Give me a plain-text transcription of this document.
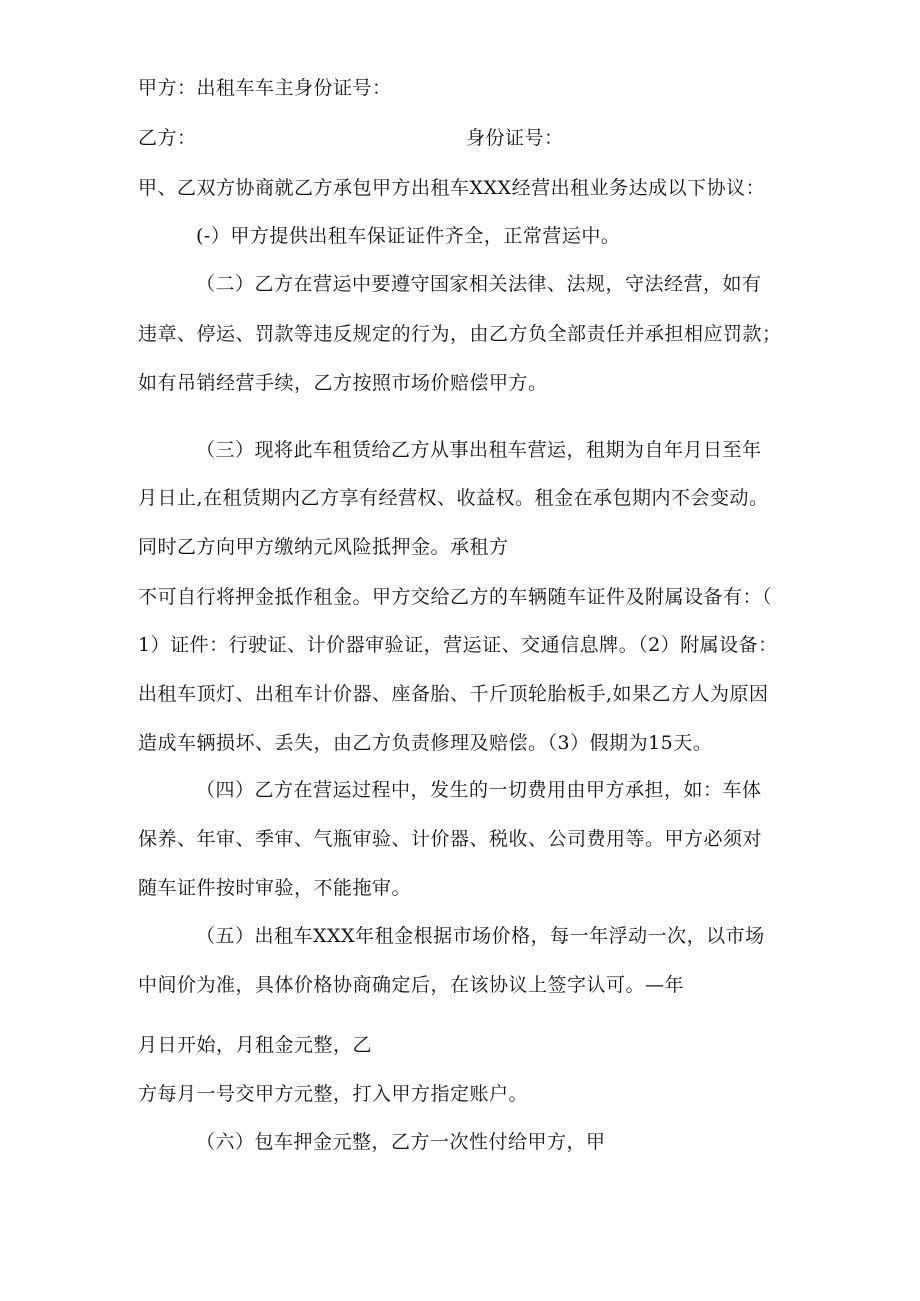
甲方：出租车车主身份证号：
乙方：	身份证号：
甲、乙双方协商就乙方承包甲方出租车XXX经营出租业务达成以下协议：
(-）甲方提供出租车保证证件齐全，正常营运中。
（二）乙方在营运中要遵守国家相关法律、法规，守法经营，如有
违章、停运、罚款等违反规定的行为，由乙方负全部责任并承担相应罚款；
如有吊销经营手续，乙方按照市场价赔偿甲方。
（三）现将此车租赁给乙方从事出租车营运，租期为自年月日至年
月日止,在租赁期内乙方享有经营权、收益权。租金在承包期内不会变动。
同时乙方向甲方缴纳元风险抵押金。承租方
不可自行将押金抵作租金。甲方交给乙方的车辆随车证件及附属设备有：（
1）证件：行驶证、计价器审验证，营运证、交通信息牌。（2）附属设备：
出租车顶灯、出租车计价器、座备胎、千斤顶轮胎板手,如果乙方人为原因
造成车辆损坏、丢失，由乙方负责修理及赔偿。（3）假期为15天。
（四）乙方在营运过程中，发生的一切费用由甲方承担，如：车体
保养、年审、季审、气瓶审验、计价器、税收、公司费用等。甲方必须对
随车证件按时审验，不能拖审。
（五）出租车XXX年租金根据市场价格，每一年浮动一次，以市场
中间价为准，具体价格协商确定后，在该协议上签字认可。—年
月日开始，月租金元整，乙
方每月一号交甲方元整，打入甲方指定账户。
（六）包车押金元整，乙方一次性付给甲方，甲
